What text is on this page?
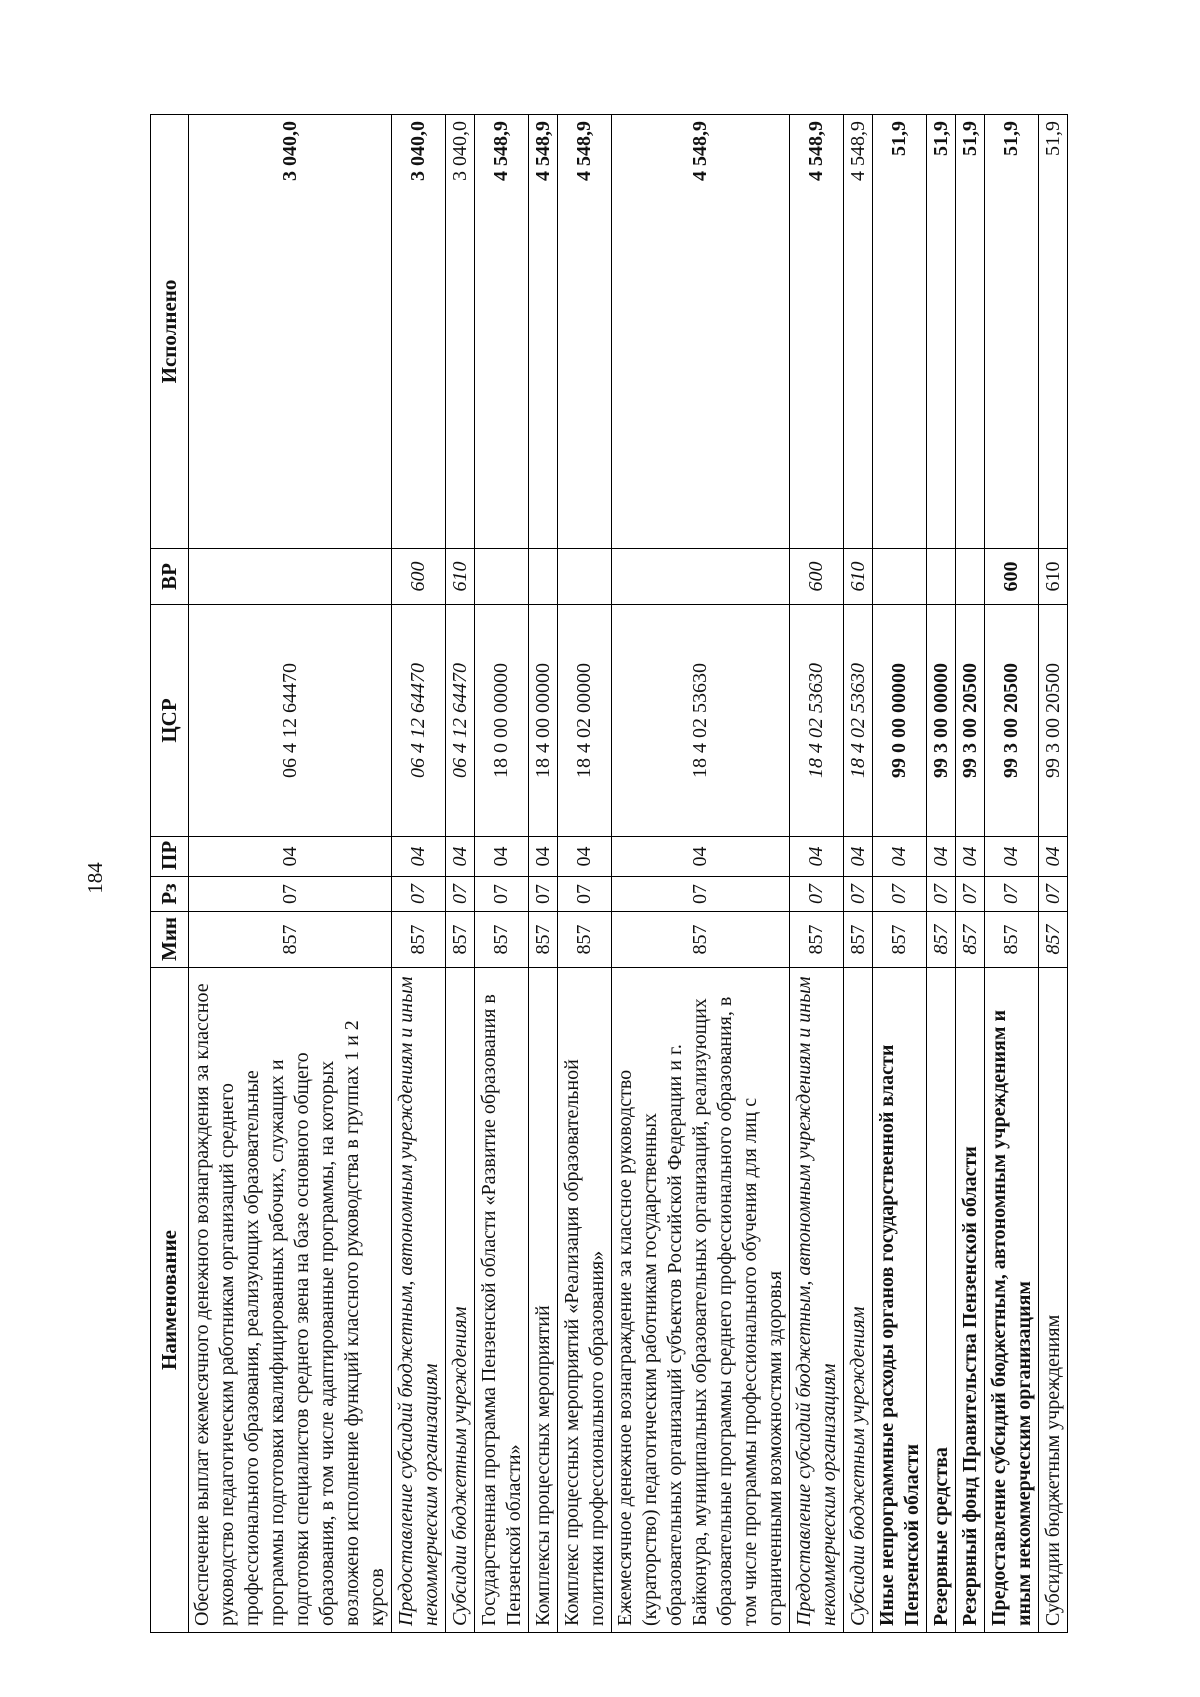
184
Наименование	Мин	Рз	ПР	ЦСР	ВР	Исполнено
Обеспечение выплат ежемесячного денежного вознаграждения за классное руководство педагогическим работникам организаций среднего профессионального образования, реализующих образовательные программы подготовки квалифицированных рабочих, служащих и подготовки специалистов среднего звена на базе основного общего образования, в том числе адаптированные программы, на которых возложено исполнение функций классного руководства в группах 1 и 2 курсов	857	07	04	06 4 12 64470		3 040,0
Предоставление субсидий бюджетным, автономным учреждениям и иным некоммерческим организациям	857	07	04	06 4 12 64470	600	3 040,0
Субсидии бюджетным учреждениям	857	07	04	06 4 12 64470	610	3 040,0
Государственная программа Пензенской области «Развитие образования в Пензенской области»	857	07	04	18 0 00 00000		4 548,9
Комплексы процессных мероприятий	857	07	04	18 4 00 00000		4 548,9
Комплекс процессных мероприятий «Реализация образовательной политики профессионального образования»	857	07	04	18 4 02 00000		4 548,9
Ежемесячное денежное вознаграждение за классное руководство (кураторство) педагогическим работникам государственных образовательных организаций субъектов Российской Федерации и г. Байконура, муниципальных образовательных организаций, реализующих образовательные программы среднего профессионального образования, в том числе программы профессионального обучения для лиц с ограниченными возможностями здоровья	857	07	04	18 4 02 53630		4 548,9
Предоставление субсидий бюджетным, автономным учреждениям и иным некоммерческим организациям	857	07	04	18 4 02 53630	600	4 548,9
Субсидии бюджетным учреждениям	857	07	04	18 4 02 53630	610	4 548,9
Иные непрограммные расходы органов государственной власти Пензенской области	857	07	04	99 0 00 00000		51,9
Резервные средства	857	07	04	99 3 00 00000		51,9
Резервный фонд Правительства Пензенской области	857	07	04	99 3 00 20500		51,9
Предоставление субсидий бюджетным, автономным учреждениям и иным некоммерческим организациям	857	07	04	99 3 00 20500	600	51,9
Субсидии бюджетным учреждениям	857	07	04	99 3 00 20500	610	51,9
